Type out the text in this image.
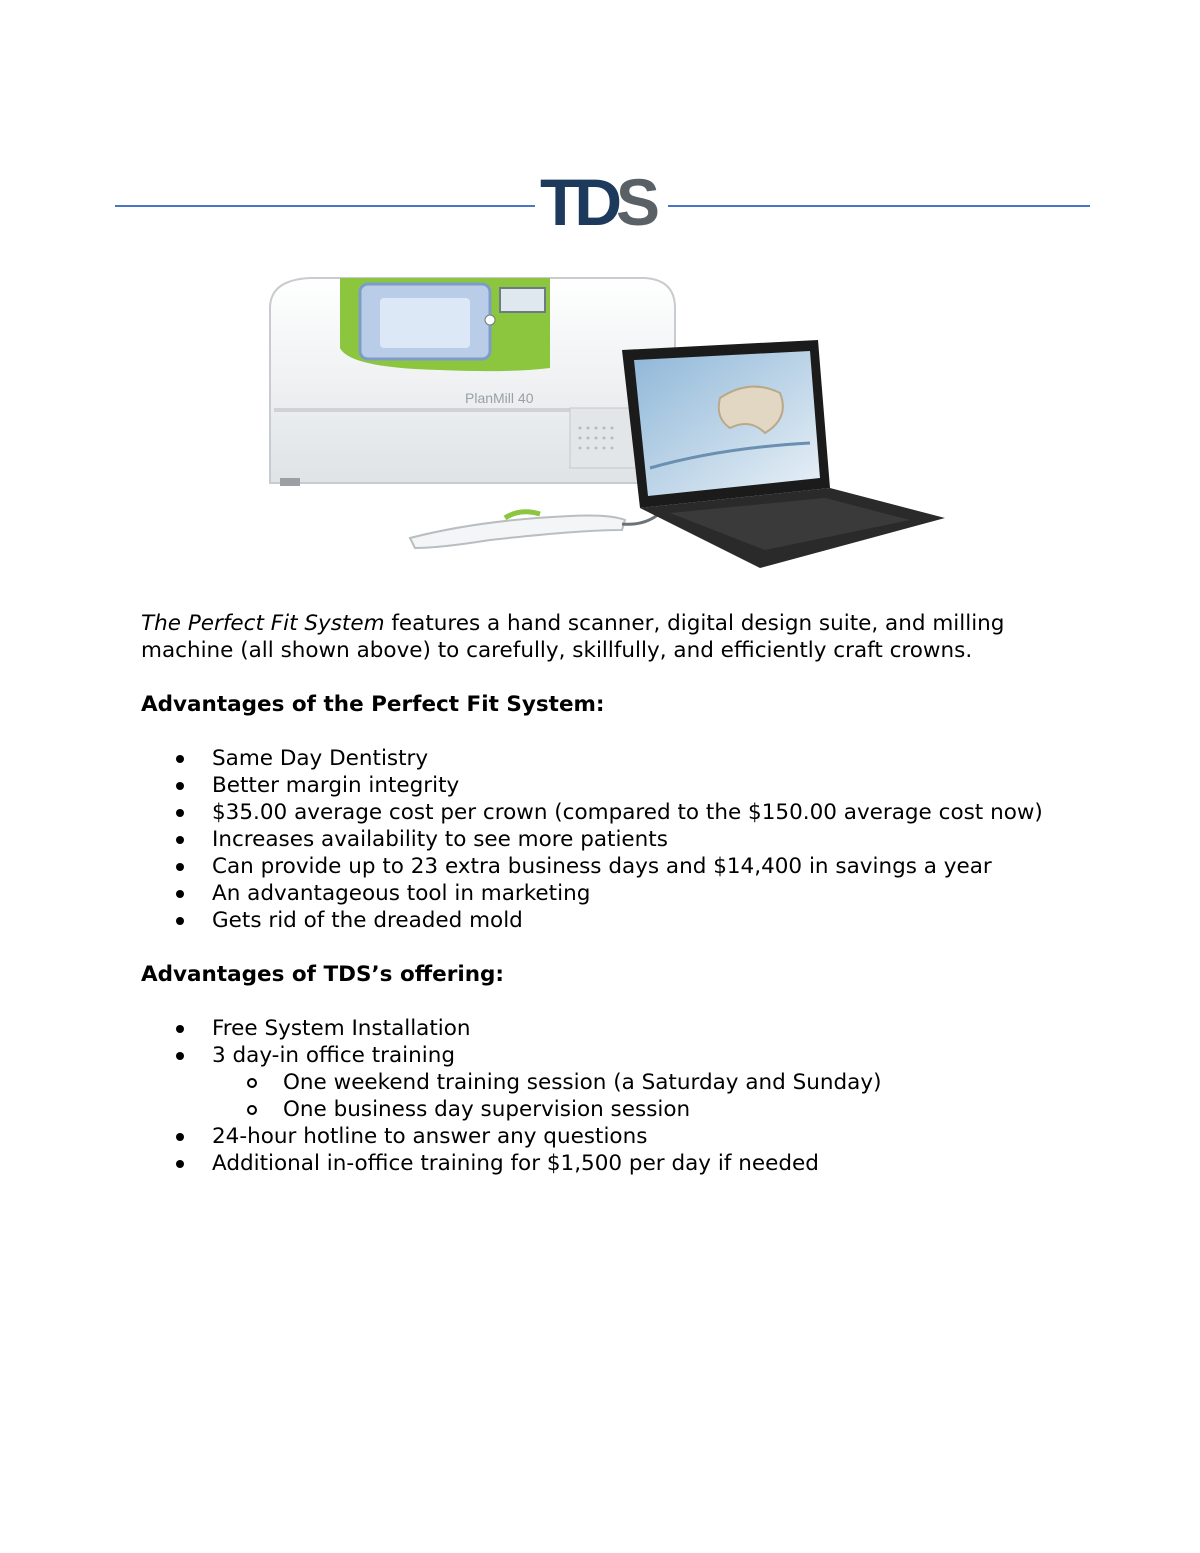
TD S
PlanMill 40

The Perfect Fit System features a hand scanner, digital design suite, and milling machine (all shown above) to carefully, skillfully, and efficiently craft crowns.

Advantages of the Perfect Fit System:
Same Day Dentistry
Better margin integrity
$35.00 average cost per crown (compared to the $150.00 average cost now)
Increases availability to see more patients
Can provide up to 23 extra business days and $14,400 in savings a year
An advantageous tool in marketing
Gets rid of the dreaded mold
Advantages of TDS’s offering:
Free System Installation
3 day-in office training
One weekend training session (a Saturday and Sunday)
One business day supervision session
24-hour hotline to answer any questions
Additional in-office training for $1,500 per day if needed
